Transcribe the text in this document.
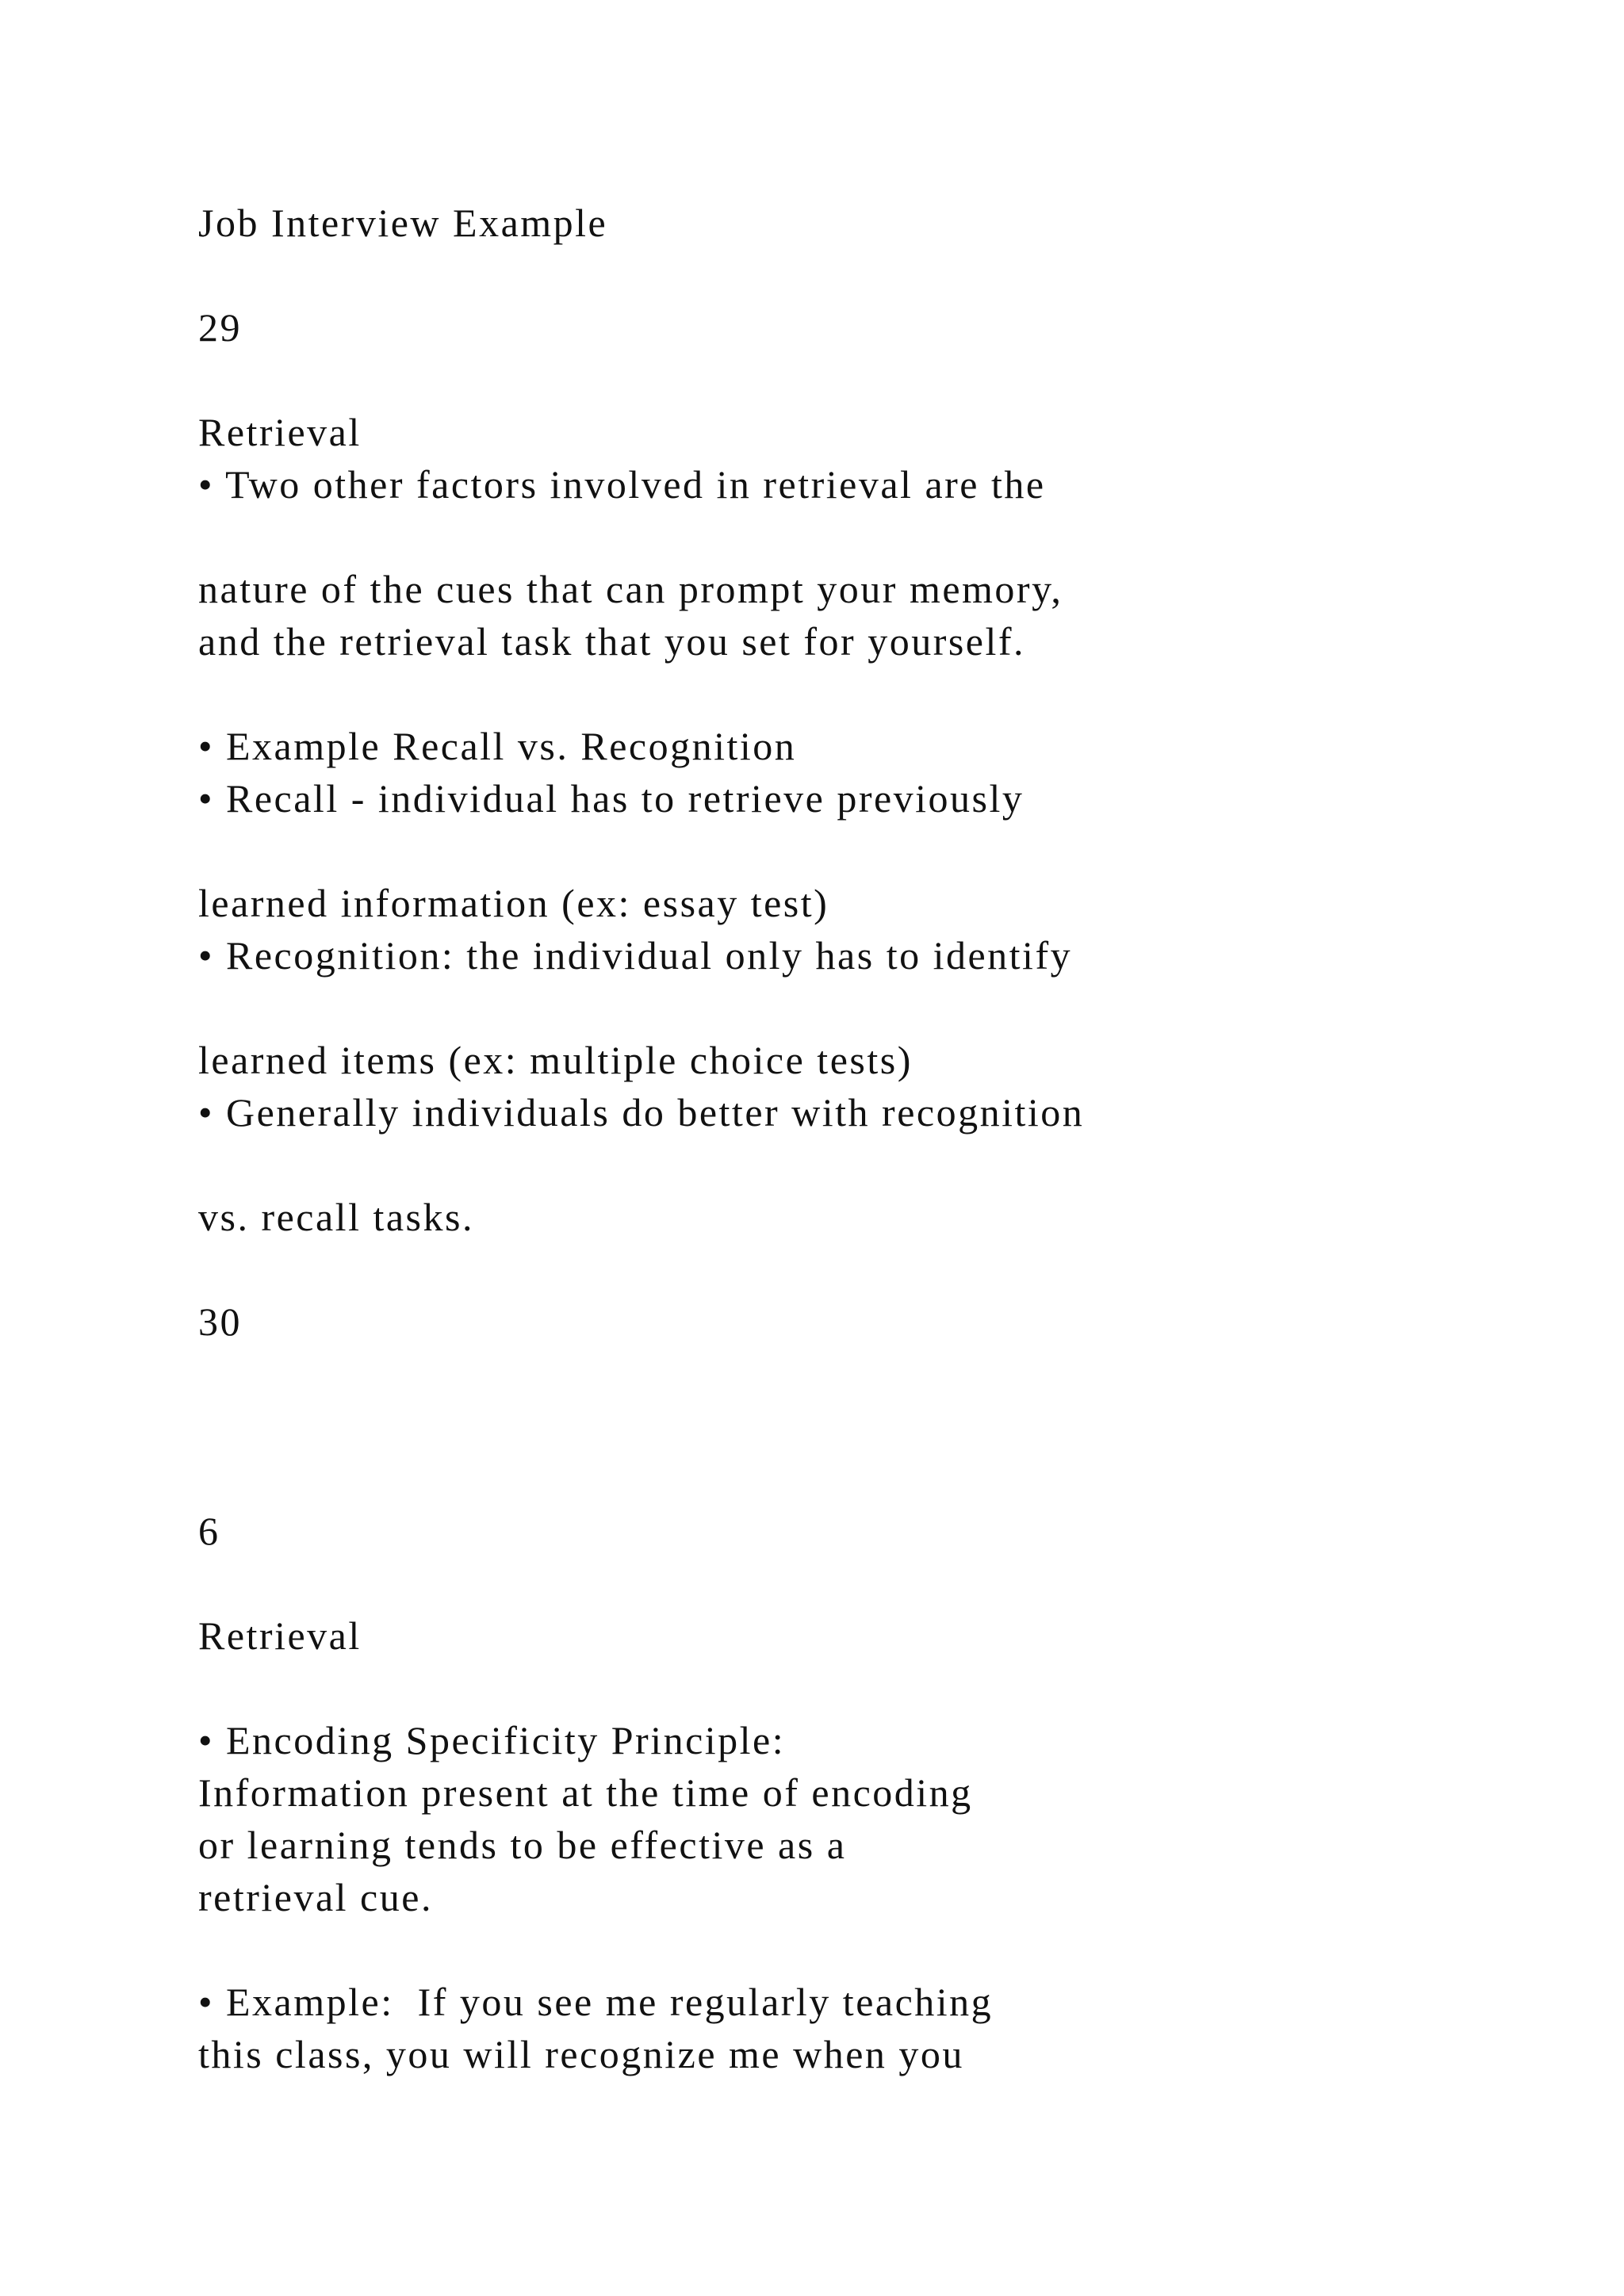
Job Interview Example

29

Retrieval

• Two other factors involved in retrieval are the

nature of the cues that can prompt your memory,

and the retrieval task that you set for yourself.

• Example Recall vs. Recognition

• Recall - individual has to retrieve previously

learned information (ex: essay test)

• Recognition: the individual only has to identify

learned items (ex: multiple choice tests)

• Generally individuals do better with recognition

vs. recall tasks.

30

6

Retrieval

• Encoding Specificity Principle:

Information present at the time of encoding

or learning tends to be effective as a

retrieval cue.

• Example:  If you see me regularly teaching

this class, you will recognize me when you
